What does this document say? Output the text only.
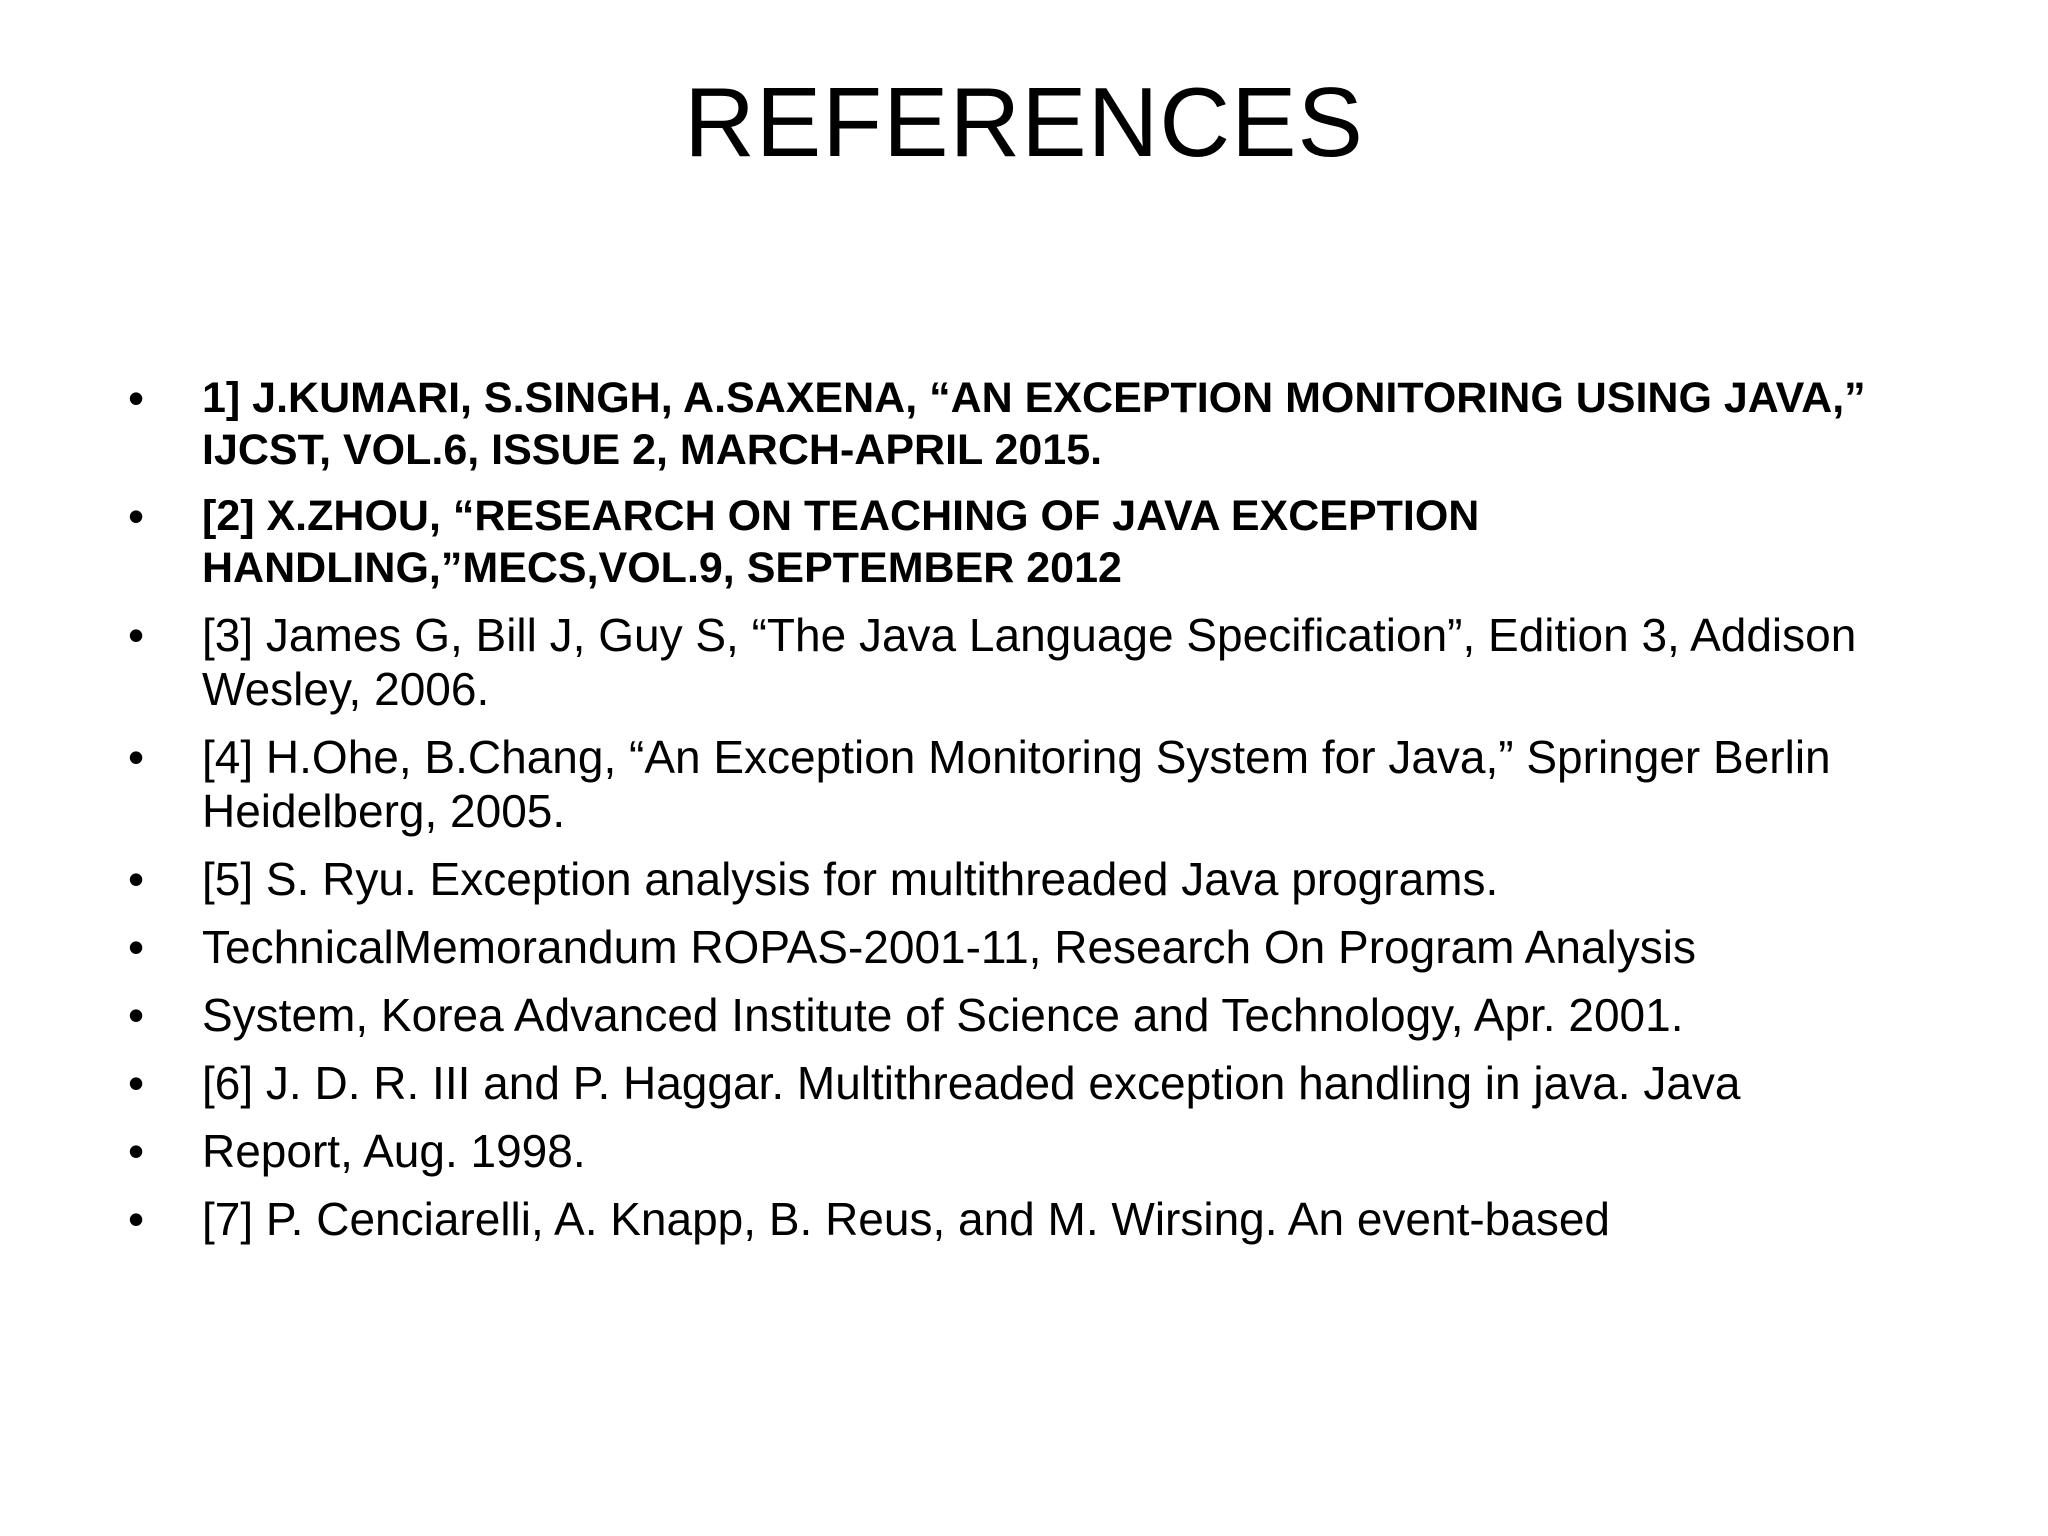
REFERENCES
•	1] J.KUMARI, S.SINGH, A.SAXENA, “AN EXCEPTION MONITORING USING JAVA,” IJCST, VOL.6, ISSUE 2, MARCH-APRIL 2015.
•	[2] X.ZHOU, “RESEARCH ON TEACHING OF JAVA EXCEPTION HANDLING,”MECS,VOL.9, SEPTEMBER 2012
•	[3] James G, Bill J, Guy S, “The Java Language Specification”, Edition 3, Addison Wesley, 2006.
•	[4] H.Ohe, B.Chang, “An Exception Monitoring System for Java,” Springer Berlin Heidelberg, 2005.
•	[5] S. Ryu. Exception analysis for multithreaded Java programs.
•	TechnicalMemorandum ROPAS-2001-11, Research On Program Analysis
•	System, Korea Advanced Institute of Science and Technology, Apr. 2001.
•	[6] J. D. R. III and P. Haggar. Multithreaded exception handling in java. Java
•	Report, Aug. 1998.
•	[7] P. Cenciarelli, A. Knapp, B. Reus, and M. Wirsing. An event-based
